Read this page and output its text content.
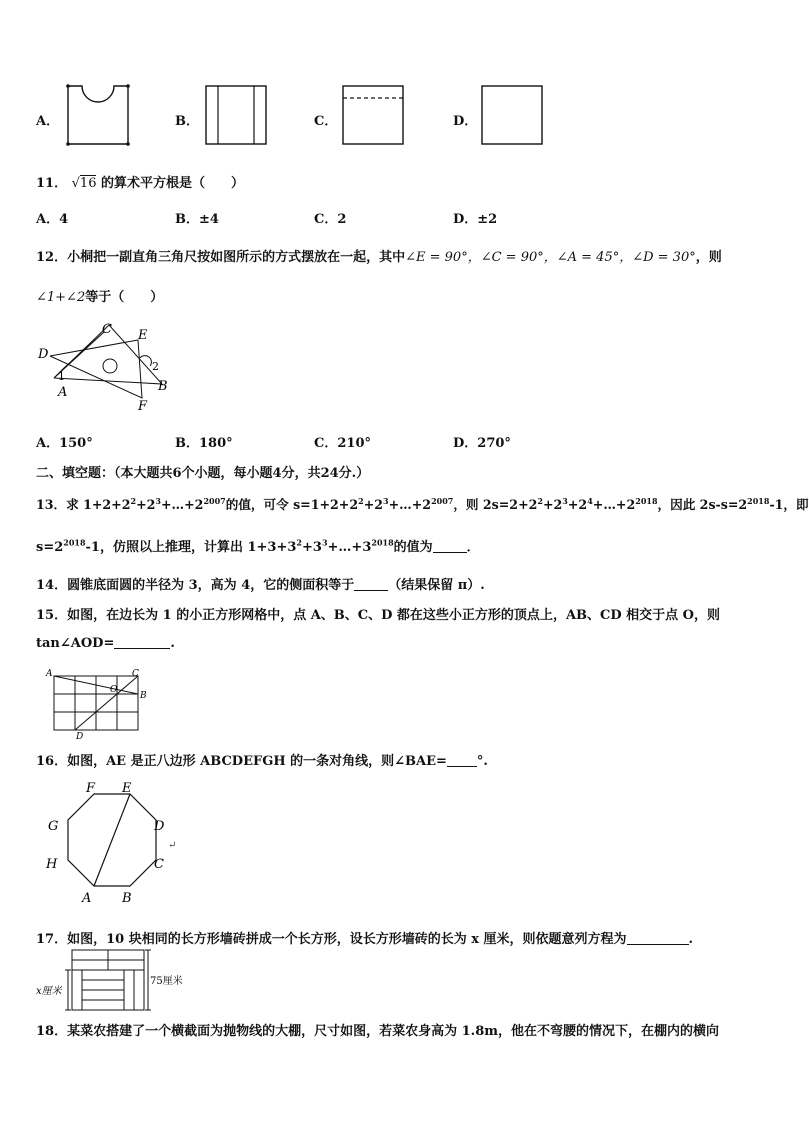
A．	B．	C．	D．
11． √16 的算术平方根是（　　）
A．4	B．±4	C．2	D．±2
12．小桐把一副直角三角尺按如图所示的方式摆放在一起，其中∠E = 90°，∠C = 90°，∠A = 45°，∠D = 30°，则
∠1+∠2等于（　　）
C E
D
1
2
A	B
F
A．150°	B．180°	C．210°	D．270°
二、填空题：（本大题共6个小题，每小题4分，共24分.）
13．求 $1+2+2^2+2^3+\dots+2^{2007}$的值，可令 $s=1+2+2^2+2^3+\dots+2^{2007}$，则 $2s=2+2^2+2^3+2^4+\dots+2^{2018}$，因此 $2s-s=2^{2018}-1$，即
$s=2^{2018}-1$，仿照以上推理，计算出 $1+3+3^2+3^3+\dots+3^{2018}$的值为	．
14．圆锥底面圆的半径为 3，高为 4，它的侧面积等于	（结果保留 π）.
15．如图，在边长为 1 的小正方形网格中，点 A、B、C、D 都在这些小正方形的顶点上，AB、CD 相交于点 O，则
tan∠AOD=	.
A	C
O
B
D
16．如图，AE 是正八边形 ABCDEFGH 的一条对角线，则∠BAE= °.
F E
G	D
↵
H	C
A B
17．如图，10 块相同的长方形墙砖拼成一个长方形，设长方形墙砖的长为 x 厘米，则依题意列方程为	.
x厘米
75厘米
18．某菜农搭建了一个横截面为抛物线的大棚，尺寸如图，若菜农身高为 1.8m，他在不弯腰的情况下，在棚内的横向
